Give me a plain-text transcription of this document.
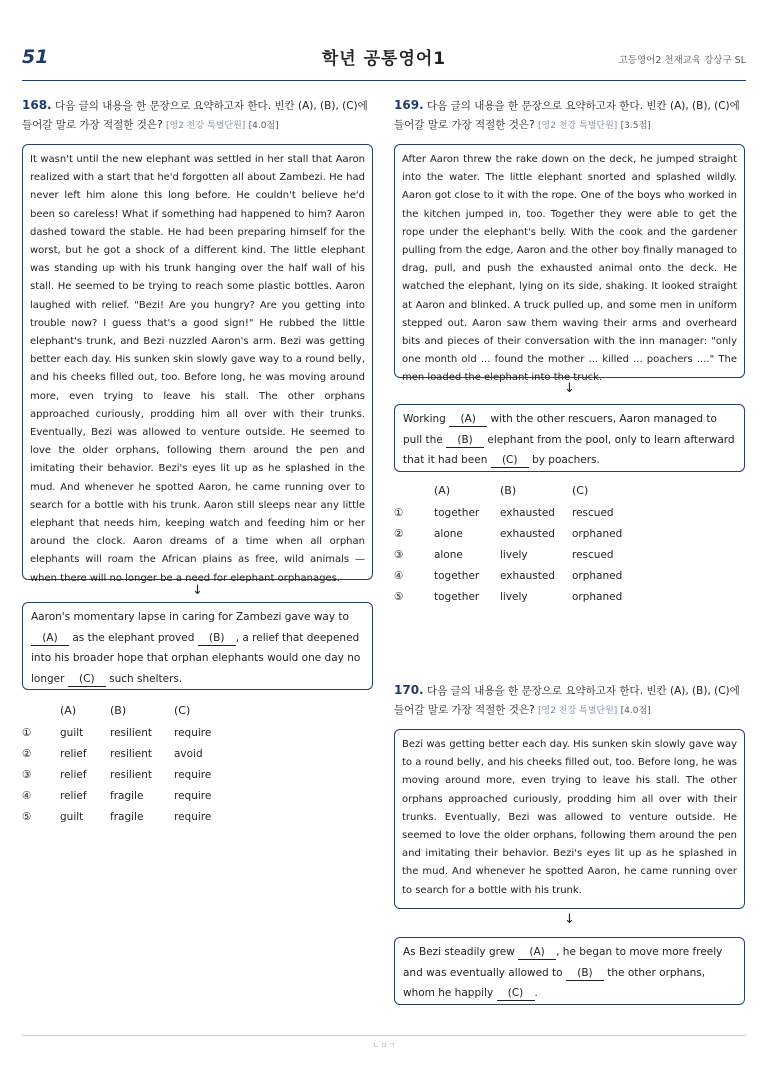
51	학년 공통영어1	고등영어2 천재교육 강상구 SL
168. 다음 글의 내용을 한 문장으로 요약하고자 한다. 빈칸 (A), (B), (C)에
들어갈 말로 가장 적절한 것은? [영2 천강 특별단원] [4.0점]
It wasn't until the new elephant was settled in her stall that Aaron realized with a start that he'd forgotten all about Zambezi. He had never left him alone this long before. He couldn't believe he'd been so careless! What if something had happened to him? Aaron dashed toward the stable. He had been preparing himself for the worst, but he got a shock of a different kind. The little elephant was standing up with his trunk hanging over the half wall of his stall. He seemed to be trying to reach some plastic bottles. Aaron laughed with relief. "Bezi! Are you hungry? Are you getting into trouble now? I guess that's a good sign!" He rubbed the little elephant's trunk, and Bezi nuzzled Aaron's arm. Bezi was getting better each day. His sunken skin slowly gave way to a round belly, and his cheeks filled out, too. Before long, he was moving around more, even trying to leave his stall. The other orphans approached curiously, prodding him all over with their trunks. Eventually, Bezi was allowed to venture outside. He seemed to love the older orphans, following them around the pen and imitating their behavior. Bezi's eyes lit up as he splashed in the mud. And whenever he spotted Aaron, he came running over to search for a bottle with his trunk. Aaron still sleeps near any little elephant that needs him, keeping watch and feeding him or her around the clock. Aaron dreams of a time when all orphan elephants will roam the African plains as free, wild animals — when there will no longer be a need for elephant orphanages.
↓
Aaron's momentary lapse in caring for Zambezi gave way to (A) as the elephant proved (B) , a relief that deepened into his broader hope that orphan elephants would one day no longer (C) such shelters.
	(A)	(B)	(C)
①	guilt	resilient	require
②	relief	resilient	avoid
③	relief	resilient	require
④	relief	fragile	require
⑤	guilt	fragile	require
169. 다음 글의 내용을 한 문장으로 요약하고자 한다. 빈칸 (A), (B), (C)에
들어갈 말로 가장 적절한 것은? [영2 천강 특별단원] [3.5점]
After Aaron threw the rake down on the deck, he jumped straight into the water. The little elephant snorted and splashed wildly. Aaron got close to it with the rope. One of the boys who worked in the kitchen jumped in, too. Together they were able to get the rope under the elephant's belly. With the cook and the gardener pulling from the edge, Aaron and the other boy finally managed to drag, pull, and push the exhausted animal onto the deck. He watched the elephant, lying on its side, shaking. It looked straight at Aaron and blinked. A truck pulled up, and some men in uniform stepped out. Aaron saw them waving their arms and overheard bits and pieces of their conversation with the inn manager: "only one month old ... found the mother ... killed ... poachers ...." The men loaded the elephant into the truck.
↓
Working (A) with the other rescuers, Aaron managed to pull the (B) elephant from the pool, only to learn afterward that it had been (C) by poachers.
	(A)	(B)	(C)
①	together	exhausted	rescued
②	alone	exhausted	orphaned
③	alone	lively	rescued
④	together	exhausted	orphaned
⑤	together	lively	orphaned
170. 다음 글의 내용을 한 문장으로 요약하고자 한다. 빈칸 (A), (B), (C)에
들어갈 말로 가장 적절한 것은? [영2 천강 특별단원] [4.0점]
Bezi was getting better each day. His sunken skin slowly gave way to a round belly, and his cheeks filled out, too. Before long, he was moving around more, even trying to leave his stall. The other orphans approached curiously, prodding him all over with their trunks. Eventually, Bezi was allowed to venture outside. He seemed to love the older orphans, following them around the pen and imitating their behavior. Bezi's eyes lit up as he splashed in the mud. And whenever he spotted Aaron, he came running over to search for a bottle with his trunk.
↓
As Bezi steadily grew (A) , he began to move more freely and was eventually allowed to (B) the other orphans, whom he happily (C) .
ㄴㅇㄱ
